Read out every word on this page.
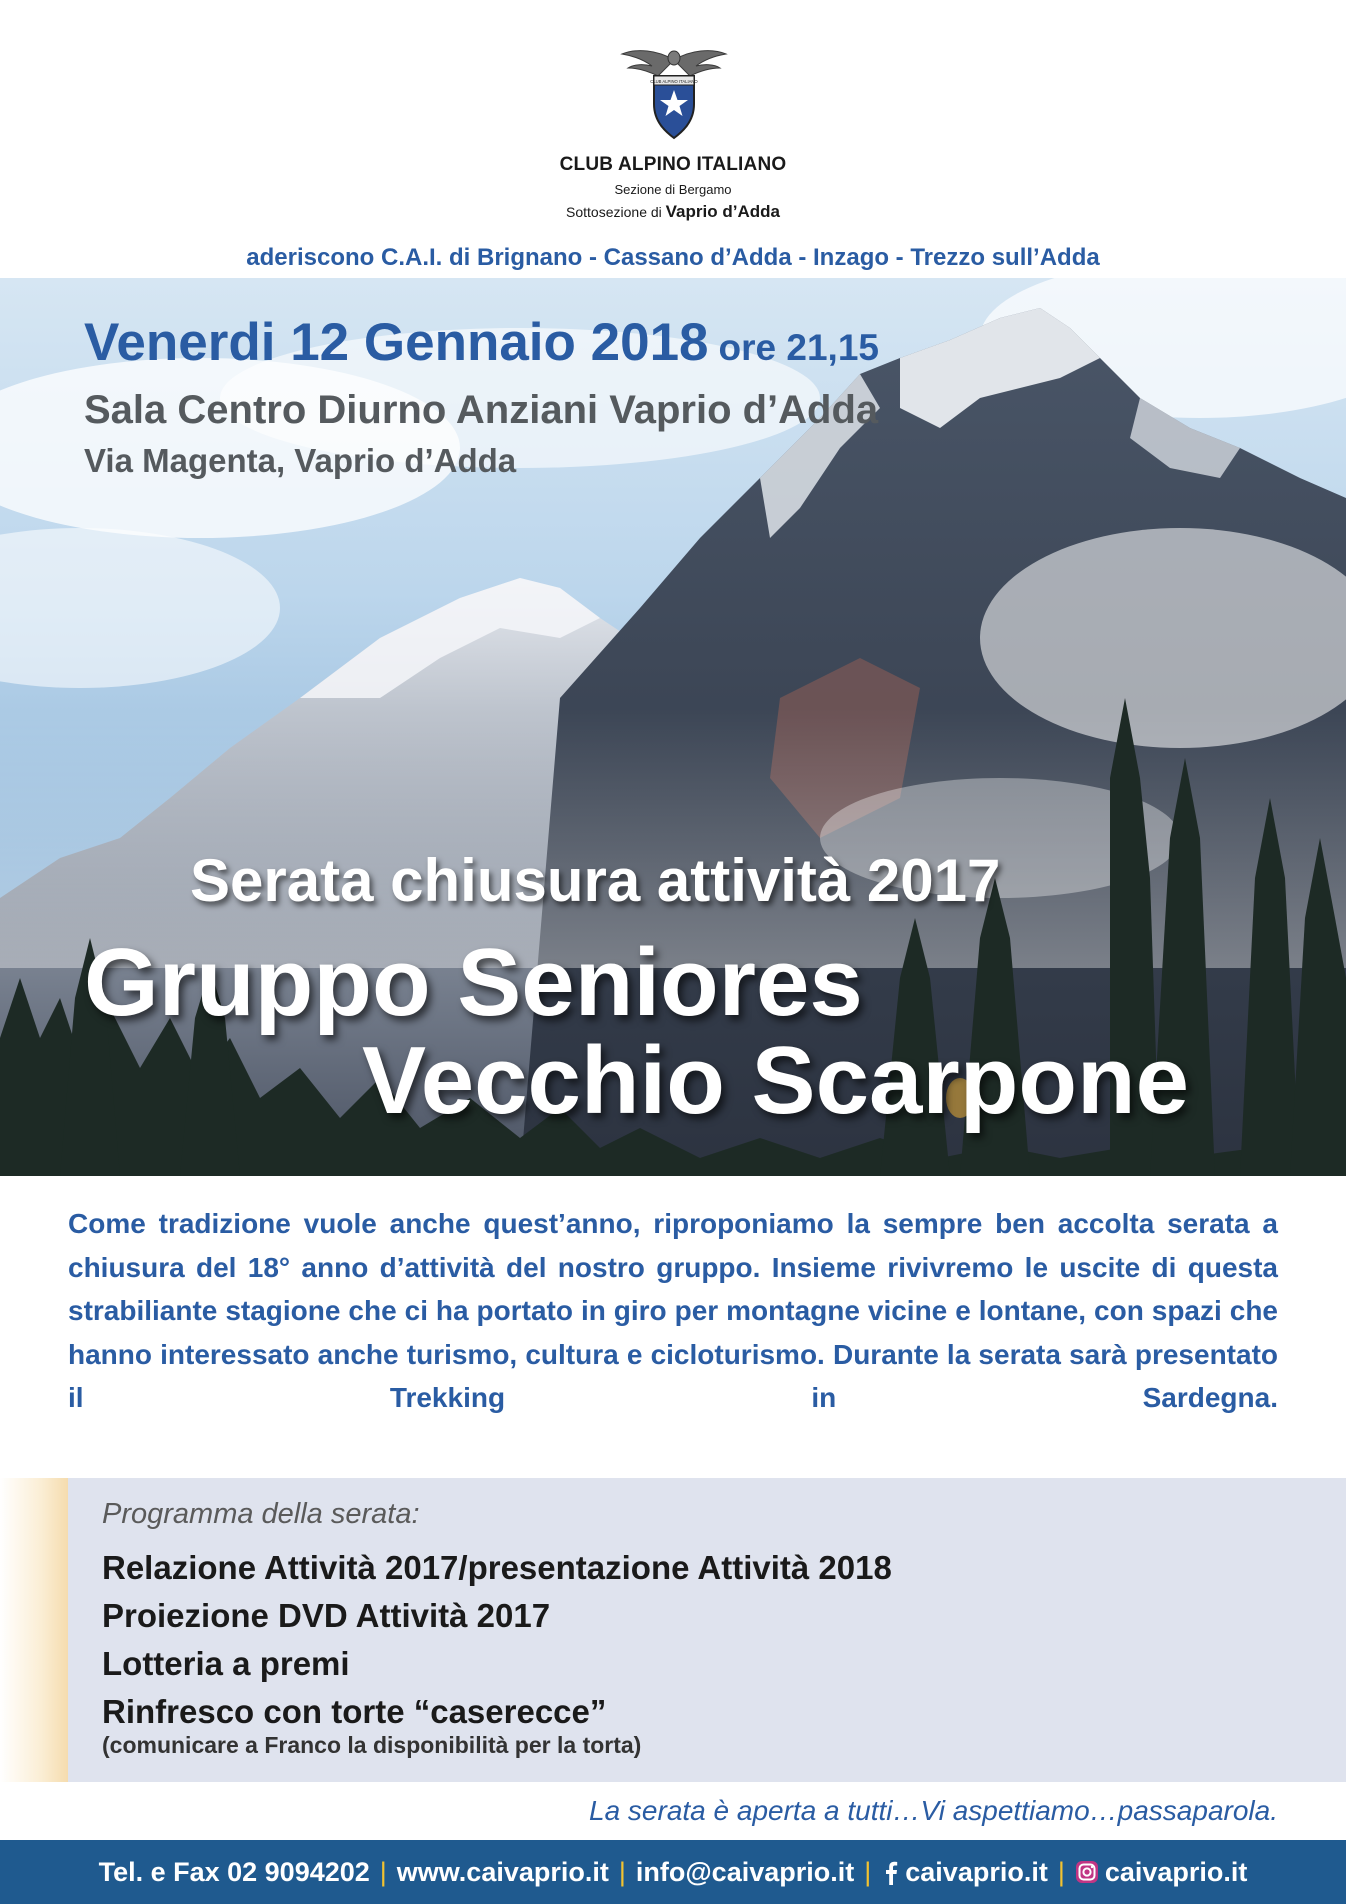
CLUB ALPINO ITALIANO
CLUB ALPINO ITALIANO
Sezione di Bergamo
Sottosezione di Vaprio d’Adda
aderiscono C.A.I. di Brignano - Cassano d’Adda - Inzago - Trezzo sull’Adda
Venerdi 12 Gennaio 2018 ore 21,15
Sala Centro Diurno Anziani Vaprio d’Adda
Via Magenta, Vaprio d’Adda
Serata chiusura attività 2017
Gruppo Seniores
Vecchio Scarpone

Come tradizione vuole anche quest’anno, riproponiamo la sempre ben accolta serata a chiusura del 18° anno d’attività del nostro gruppo. Insieme rivivremo le uscite di questa strabiliante stagione che ci ha portato in giro per montagne vicine e lontane, con spazi che hanno interessato anche turismo, cultura e cicloturismo. Durante la serata sarà presentato il Trekking in Sardegna.

Programma della serata:
Relazione Attività 2017/presentazione Attività 2018
Proiezione DVD Attività 2017
Lotteria a premi
Rinfresco con torte “caserecce”
(comunicare a Franco la disponibilità per la torta)
La serata è aperta a tutti…Vi aspettiamo…passaparola.
Tel. e Fax 02 9094202 | www.caivaprio.it | info@caivaprio.it | caivaprio.it | caivaprio.it
